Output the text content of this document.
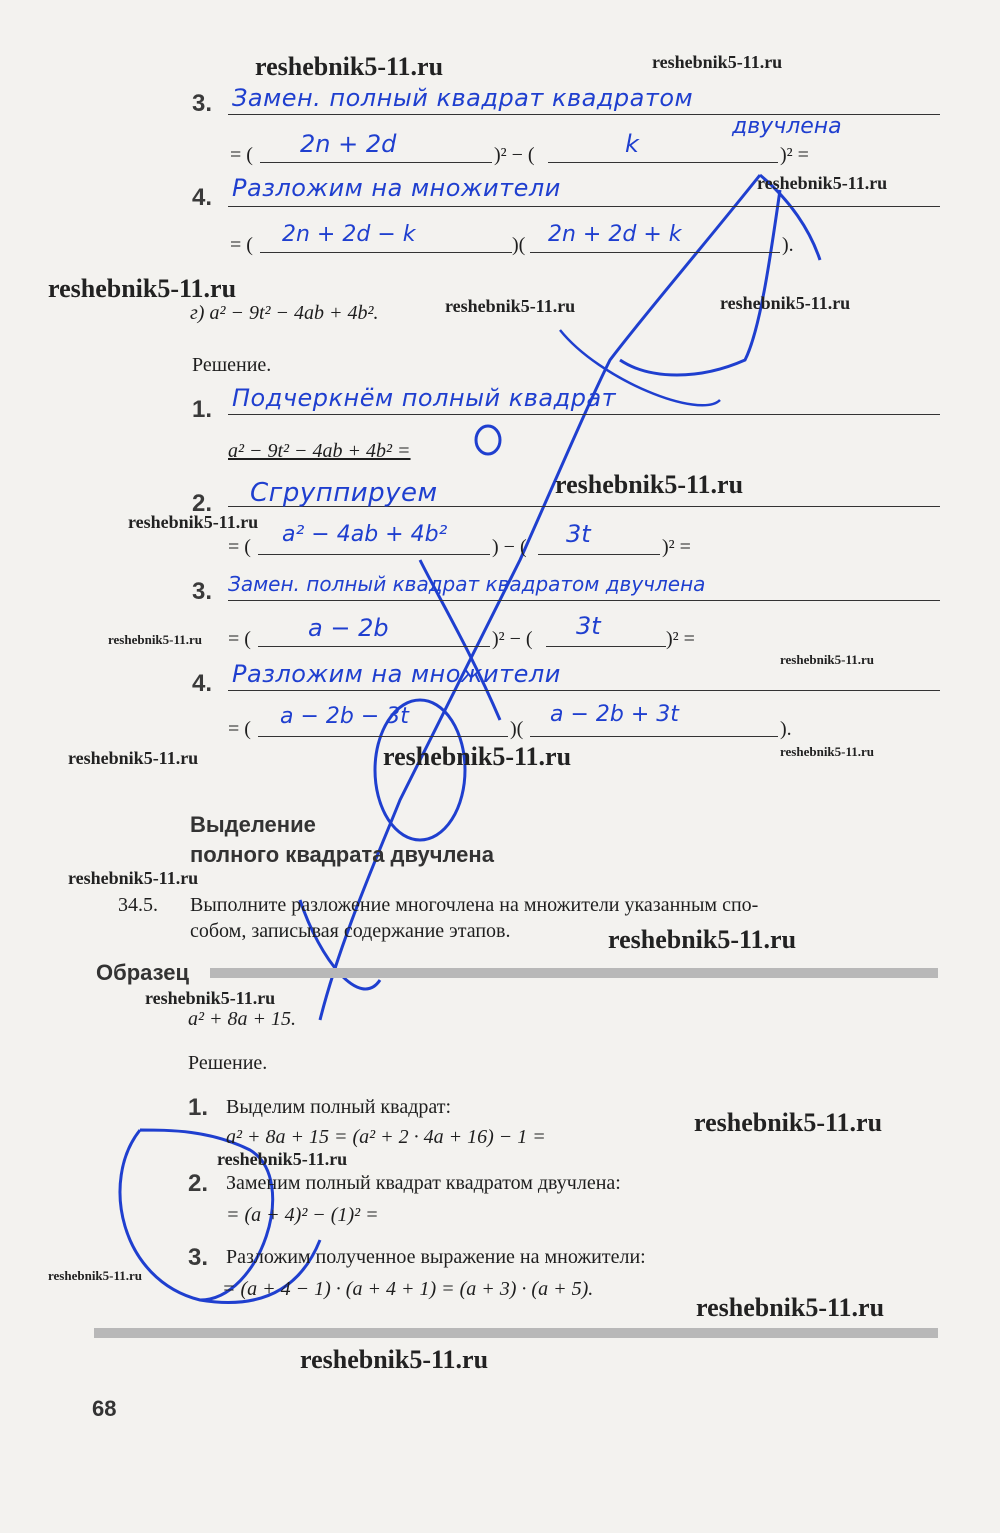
reshebnik5-11.ru	reshebnik5-11.ru
reshebnik5-11.ru
reshebnik5-11.ru
reshebnik5-11.ru	reshebnik5-11.ru
reshebnik5-11.ru
reshebnik5-11.ru
reshebnik5-11.ru
reshebnik5-11.ru
reshebnik5-11.ru	reshebnik5-11.ru	reshebnik5-11.ru
reshebnik5-11.ru
reshebnik5-11.ru
reshebnik5-11.ru
reshebnik5-11.ru
reshebnik5-11.ru
reshebnik5-11.ru
reshebnik5-11.ru
reshebnik5-11.ru
3. Замен. полный квадрат квадратом
двучлена
= ( 2n + 2d	)² − (	k	)² =
4. Разложим на множители
= ( 2n + 2d − k	)( 2n + 2d + k	).
г) a² − 9t² − 4ab + 4b².
Решение.
1. Подчеркнём полный квадрат
a² − 9t² − 4ab + 4b² =
2. Сгруппируем
= ( a² − 4ab + 4b² ) − ( 3t	)² =
3. Замен. полный квадрат квадратом двучлена
= ( a − 2b	)² − ( 3t	)² =
4. Разложим на множители
= ( a − 2b − 3t	)(
a − 2b + 3t
).
Выделение
полного квадрата двучлена
34.5. Выполните разложение многочлена на множители указанным спо-
собом, записывая содержание этапов.
Образец
a² + 8a + 15.
Решение.
1. Выделим полный квадрат:
a² + 8a + 15 = (a² + 2 · 4a + 16) − 1 =
2. Заменим полный квадрат квадратом двучлена:
= (a + 4)² − (1)² =
3. Разложим полученное выражение на множители:
= (a + 4 − 1) · (a + 4 + 1) = (a + 3) · (a + 5).
68
